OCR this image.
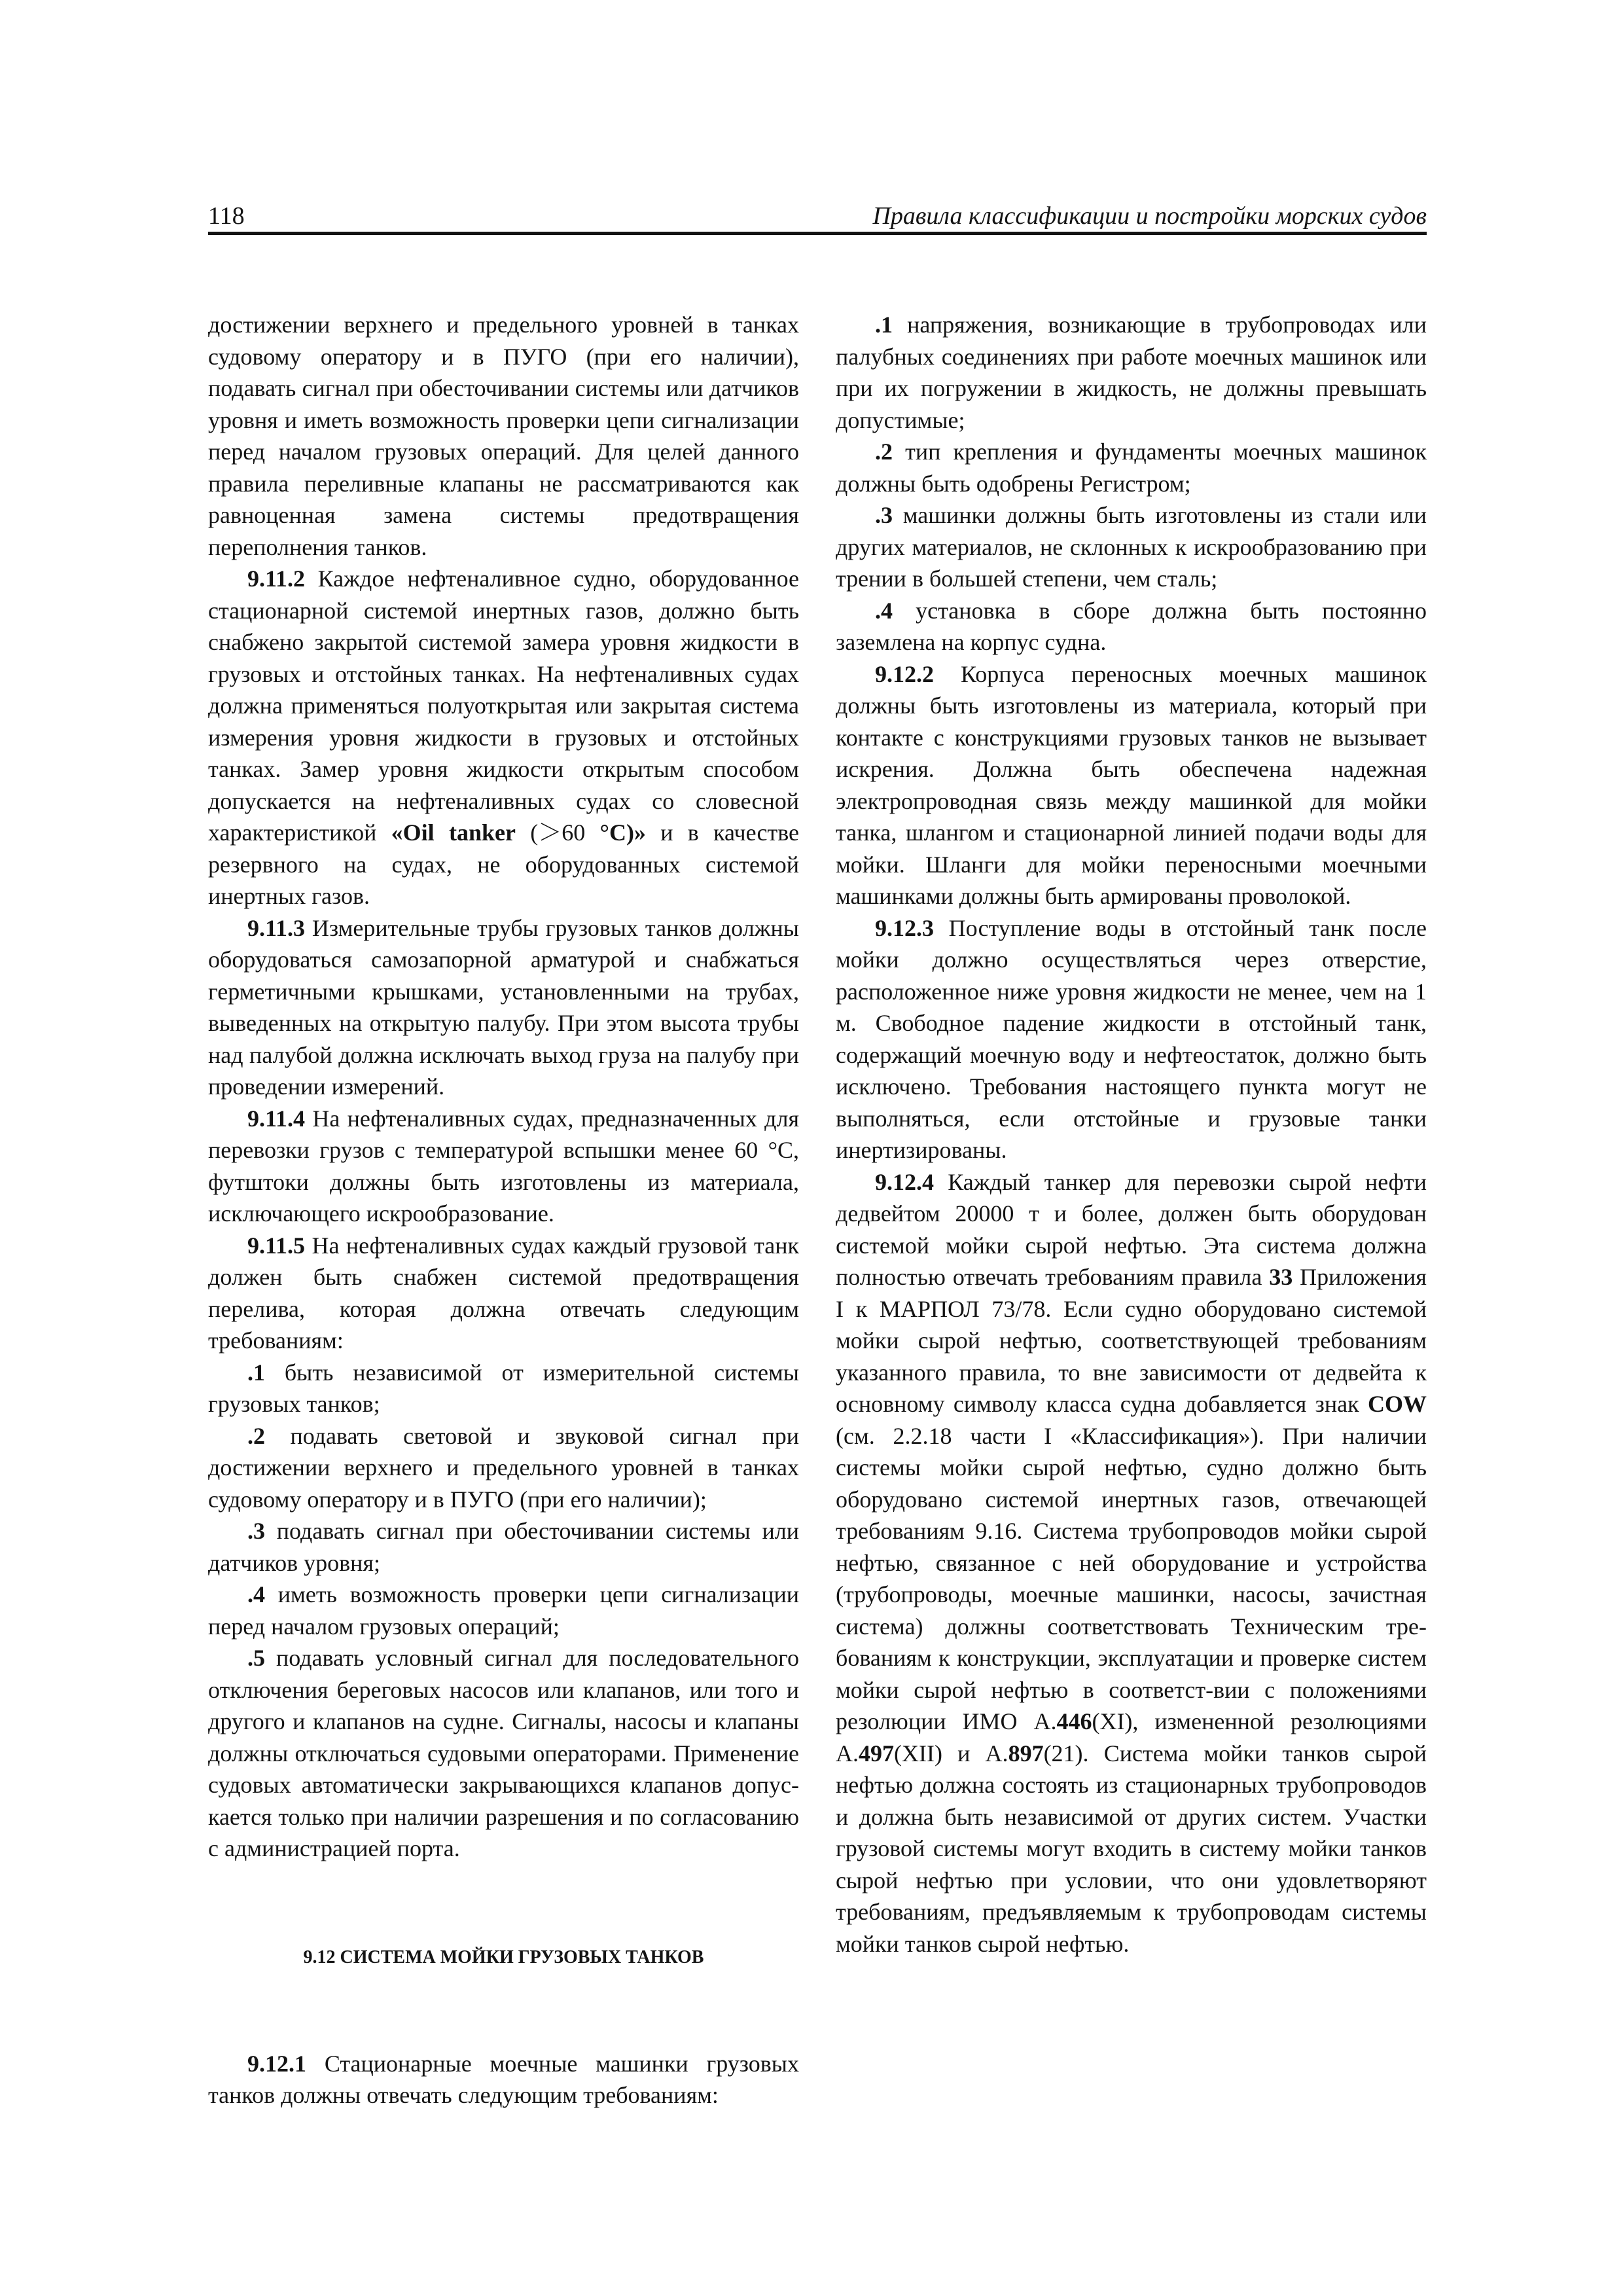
118	Правила классификации и постройки морских судов

достижении верхнего и предельного уровней в танках судовому оператору и в ПУГО (при его наличии), подавать сигнал при обесточивании системы или датчиков уровня и иметь возможность проверки цепи сигнализации перед началом грузовых операций. Для целей данного правила переливные клапаны не рассматриваются как равноценная замена системы предотвращения переполнения танков.

9.11.2 Каждое нефтеналивное судно, оборудованное стационарной системой инертных газов, должно быть снабжено закрытой системой замера уровня жидкости в грузовых и отстойных танках. На нефтеналивных судах должна применяться полуоткрытая или закрытая система измерения уровня жидкости в грузовых и отстойных танках. Замер уровня жидкости открытым способом допускается на нефтеналивных судах со словесной характеристикой «Oil tanker (＞60 °C)» и в качестве резервного на судах, не оборудованных системой инертных газов.

9.11.3 Измерительные трубы грузовых танков должны оборудоваться самозапорной арматурой и снабжаться герметичными крышками, установленными на трубах, выведенных на открытую палубу. При этом высота трубы над палубой должна исключать выход груза на палубу при проведении измерений.

9.11.4 На нефтеналивных судах, предназначенных для перевозки грузов с температурой вспышки менее 60 °C, футштоки должны быть изготовлены из материала, исключающего искрообразование.

9.11.5 На нефтеналивных судах каждый грузовой танк должен быть снабжен системой предотвращения перелива, которая должна отвечать следующим требованиям:

.1 быть независимой от измерительной системы грузовых танков;

.2 подавать световой и звуковой сигнал при достижении верхнего и предельного уровней в танках судовому оператору и в ПУГО (при его наличии);

.3 подавать сигнал при обесточивании системы или датчиков уровня;

.4 иметь возможность проверки цепи сигнализации перед началом грузовых операций;

.5 подавать условный сигнал для последовательного отключения береговых насосов или клапанов, или того и другого и клапанов на судне. Сигналы, насосы и клапаны должны отключаться судовыми операторами. Применение судовых автоматически закрывающихся клапанов допус-кается только при наличии разрешения и по согласованию с администрацией порта.

9.12 СИСТЕМА МОЙКИ ГРУЗОВЫХ ТАНКОВ

9.12.1 Стационарные моечные машинки грузовых танков должны отвечать следующим требованиям:

.1 напряжения, возникающие в трубопроводах или палубных соединениях при работе моечных машинок или при их погружении в жидкость, не должны превышать допустимые;

.2 тип крепления и фундаменты моечных машинок должны быть одобрены Регистром;

.3 машинки должны быть изготовлены из стали или других материалов, не склонных к искрообразованию при трении в большей степени, чем сталь;

.4 установка в сборе должна быть постоянно заземлена на корпус судна.

9.12.2 Корпуса переносных моечных машинок должны быть изготовлены из материала, который при контакте с конструкциями грузовых танков не вызывает искрения. Должна быть обеспечена надежная электропроводная связь между машинкой для мойки танка, шлангом и стационарной линией подачи воды для мойки. Шланги для мойки переносными моечными машинками должны быть армированы проволокой.

9.12.3 Поступление воды в отстойный танк после мойки должно осуществляться через отверстие, расположенное ниже уровня жидкости не менее, чем на 1 м. Свободное падение жидкости в отстойный танк, содержащий моечную воду и нефтеостаток, должно быть исключено. Требования настоящего пункта могут не выполняться, если отстойные и грузовые танки инертизированы.

9.12.4 Каждый танкер для перевозки сырой нефти дедвейтом 20000 т и более, должен быть оборудован системой мойки сырой нефтью. Эта система должна полностью отвечать требованиям правила 33 Приложения I к МАРПОЛ 73/78. Если судно оборудовано системой мойки сырой нефтью, соответствующей требованиям указанного правила, то вне зависимости от дедвейта к основному символу класса судна добавляется знак COW (см. 2.2.18 части I «Классификация»). При наличии системы мойки сырой нефтью, судно должно быть оборудовано системой инертных газов, отвечающей требованиям 9.16. Система трубопроводов мойки сырой нефтью, связанное с ней оборудование и устройства (трубопроводы, моечные машинки, насосы, зачистная система) должны соответствовать Техническим требованиям к конструкции, эксплуатации и проверке систем мойки сырой нефтью в соответст-вии с положениями резолюции ИМО А.446(XI), измененной резолюциями А.497(XII) и А.897(21). Система мойки танков сырой нефтью должна состоять из стационарных трубопроводов и должна быть независимой от других систем. Участки грузовой системы могут входить в систему мойки танков сырой нефтью при условии, что они удовлетворяют требованиям, предъявляемым к трубопроводам системы мойки танков сырой нефтью.
